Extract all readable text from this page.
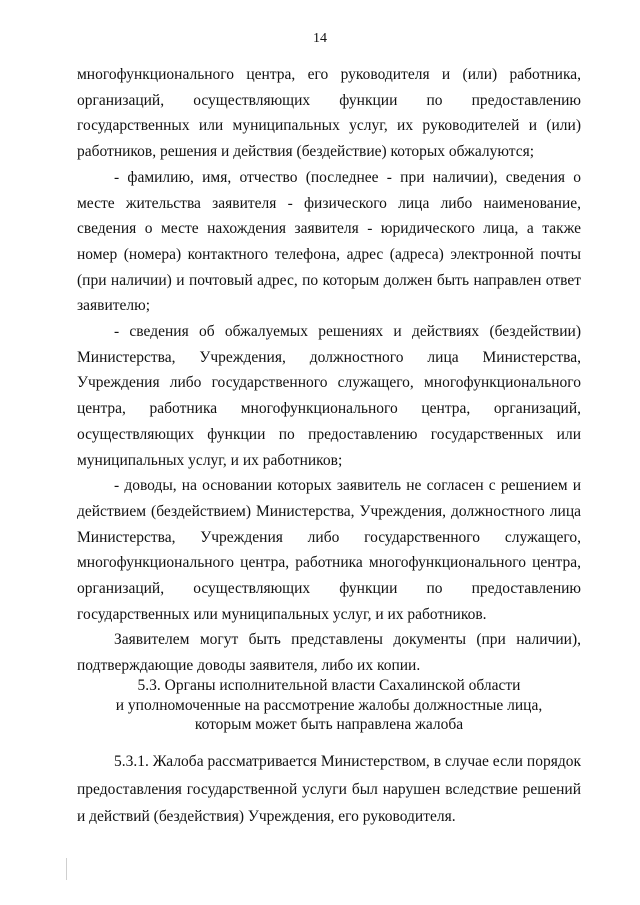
14

многофункционального центра, его руководителя и (или) работника, организаций, осуществляющих функции по предоставлению государственных или муниципальных услуг, их руководителей и (или) работников, решения и действия (бездействие) которых обжалуются;

- фамилию, имя, отчество (последнее - при наличии), сведения о месте жительства заявителя - физического лица либо наименование, сведения о месте нахождения заявителя - юридического лица, а также номер (номера) контактного телефона, адрес (адреса) электронной почты (при наличии) и почтовый адрес, по которым должен быть направлен ответ заявителю;

- сведения об обжалуемых решениях и действиях (бездействии) Министерства, Учреждения, должностного лица Министерства, Учреждения либо государственного служащего, многофункционального центра, работника многофункционального центра, организаций, осуществляющих функции по предоставлению государственных или муниципальных услуг, и их работников;

- доводы, на основании которых заявитель не согласен с решением и действием (бездействием) Министерства, Учреждения, должностного лица Министерства, Учреждения либо государственного служащего, многофункционального центра, работника многофункционального центра, организаций, осуществляющих функции по предоставлению государственных или муниципальных услуг, и их работников.

Заявителем могут быть представлены документы (при наличии), подтверждающие доводы заявителя, либо их копии.

5.3. Органы исполнительной власти Сахалинской области
и уполномоченные на рассмотрение жалобы должностные лица,
которым может быть направлена жалоба

5.3.1. Жалоба рассматривается Министерством, в случае если порядок предоставления государственной услуги был нарушен вследствие решений и действий (бездействия) Учреждения, его руководителя.
